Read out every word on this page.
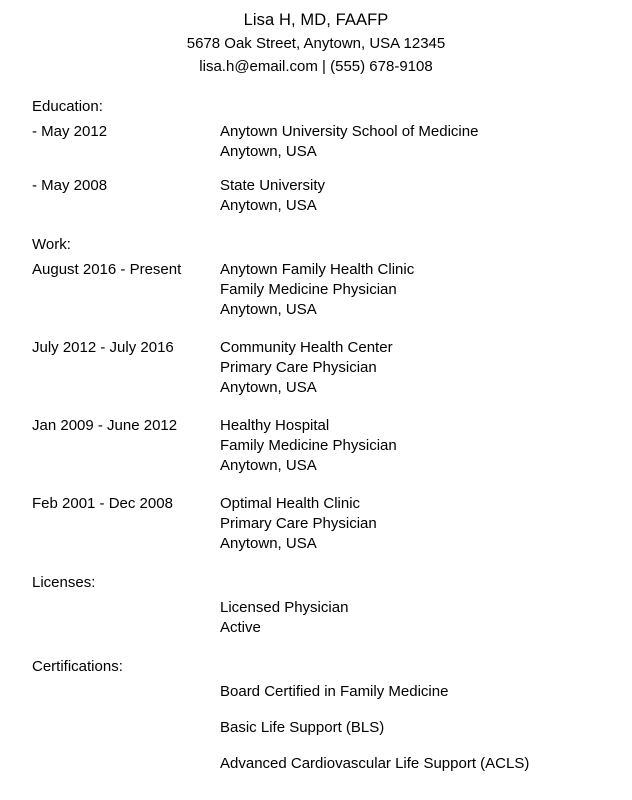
Lisa H, MD, FAAFP
5678 Oak Street, Anytown, USA 12345
lisa.h@email.com | (555) 678-9108
Education:
- May 2012	Anytown University School of Medicine
Anytown, USA
- May 2008	State University
Anytown, USA
Work:
August 2016 - Present	Anytown Family Health Clinic
Family Medicine Physician
Anytown, USA
July 2012 - July 2016	Community Health Center
Primary Care Physician
Anytown, USA
Jan 2009 - June 2012	Healthy Hospital
Family Medicine Physician
Anytown, USA
Feb 2001 - Dec 2008	Optimal Health Clinic
Primary Care Physician
Anytown, USA
Licenses:
Licensed Physician
Active
Certifications:
Board Certified in Family Medicine
Basic Life Support (BLS)
Advanced Cardiovascular Life Support (ACLS)
